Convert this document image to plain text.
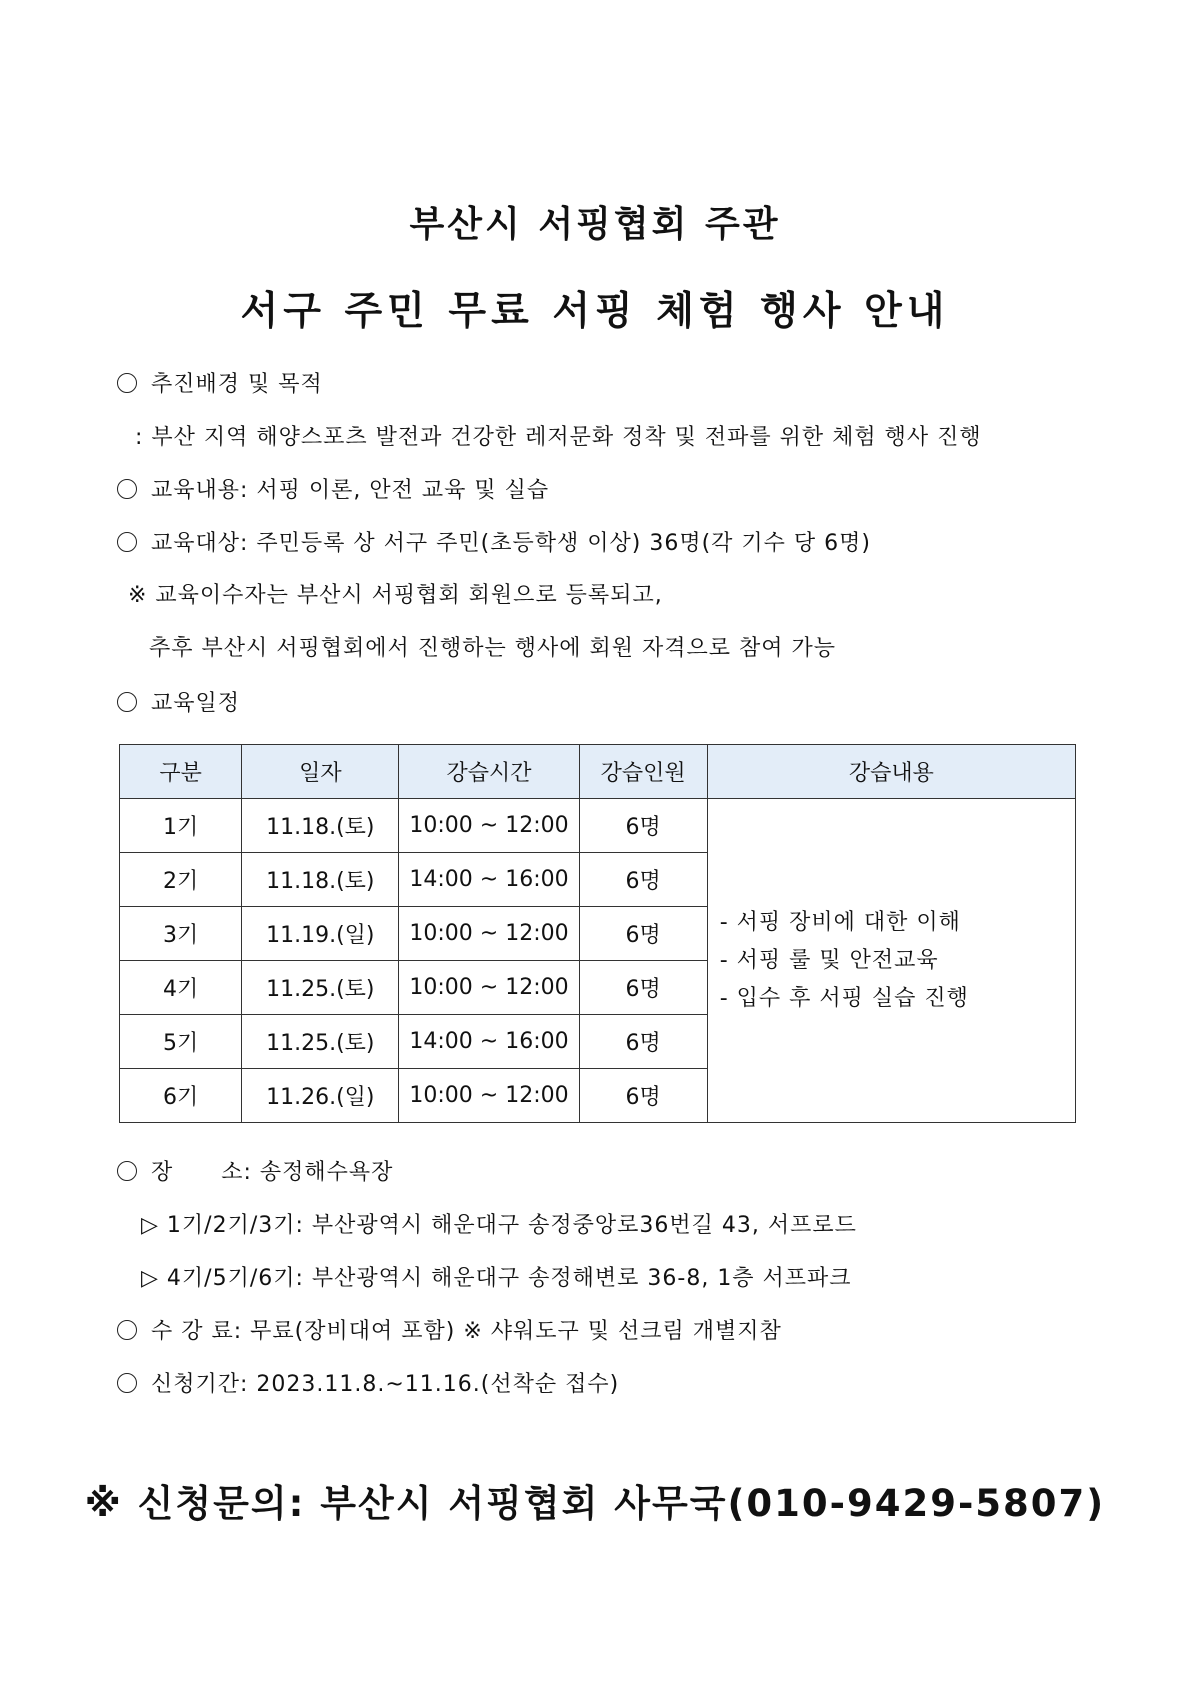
부산시 서핑협회 주관
서구 주민 무료 서핑 체험 행사 안내
추진배경 및 목적
: 부산 지역 해양스포츠 발전과 건강한 레저문화 정착 및 전파를 위한 체험 행사 진행
교육내용: 서핑 이론, 안전 교육 및 실습
교육대상: 주민등록 상 서구 주민(초등학생 이상) 36명(각 기수 당 6명)
※ 교육이수자는 부산시 서핑협회 회원으로 등록되고,
추후 부산시 서핑협회에서 진행하는 행사에 회원 자격으로 참여 가능
교육일정
구분	일자	강습시간	강습인원	강습내용
1기	11.18.(토)	10:00 ~ 12:00	6명	- 서핑 장비에 대한 이해
- 서핑 룰 및 안전교육
- 입수 후 서핑 실습 진행

2기	11.18.(토)	14:00 ~ 16:00	6명	
3기	11.19.(일)	10:00 ~ 12:00	6명	
4기	11.25.(토)	10:00 ~ 12:00	6명	
5기	11.25.(토)	14:00 ~ 16:00	6명	
6기	11.26.(일)	10:00 ~ 12:00	6명	
장      소: 송정해수욕장
▷ 1기/2기/3기: 부산광역시 해운대구 송정중앙로36번길 43, 서프로드
▷ 4기/5기/6기: 부산광역시 해운대구 송정해변로 36-8, 1층 서프파크
수 강 료: 무료(장비대여 포함) ※ 샤워도구 및 선크림 개별지참
신청기간: 2023.11.8.~11.16.(선착순 접수)
※ 신청문의: 부산시 서핑협회 사무국(010-9429-5807)
